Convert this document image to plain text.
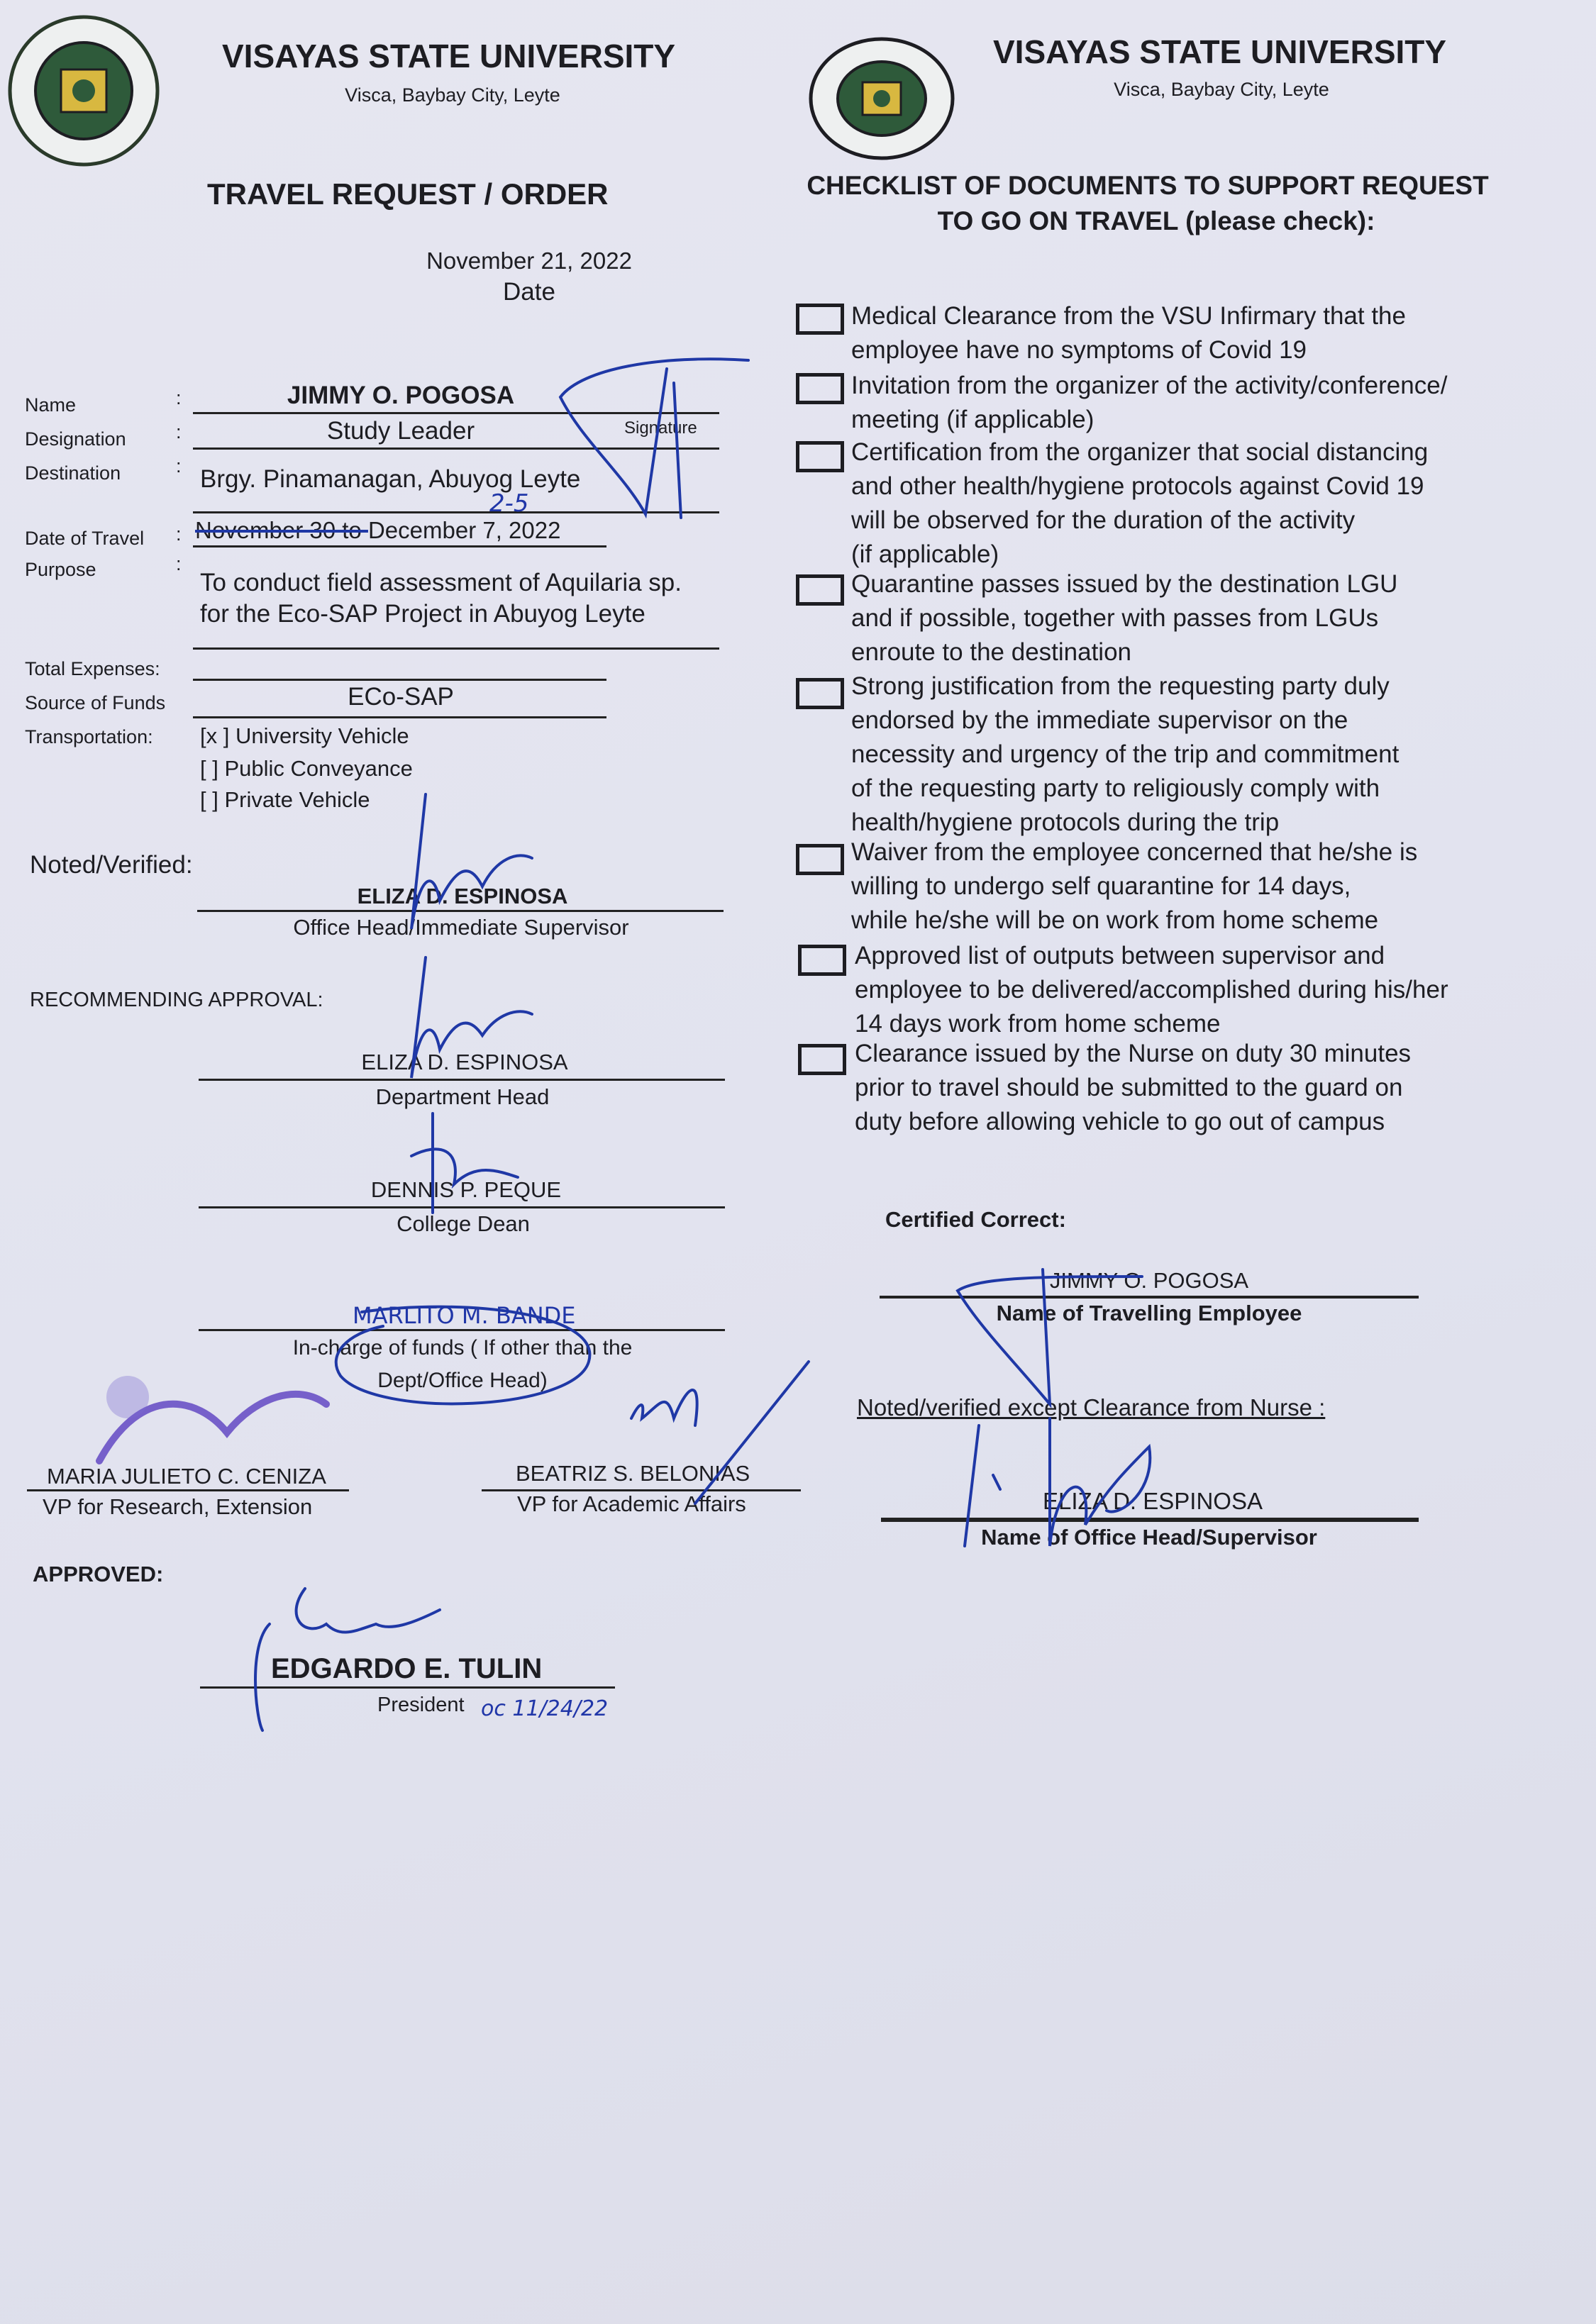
VISAYAS STATE UNIVERSITY
Visca, Baybay City, Leyte
TRAVEL REQUEST / ORDER
November 21, 2022
Date
VISAYAS STATE UNIVERSITY
Visca, Baybay City, Leyte
CHECKLIST OF DOCUMENTS TO SUPPORT REQUEST
TO GO ON TRAVEL (please check):
Name
Designation
Destination
Date of Travel
Purpose
Total Expenses:
Source of Funds
Transportation:
:
:
:
:
:
JIMMY O. POGOSA
Signature
Study Leader
Brgy. Pinamanagan, Abuyog Leyte
November 30 to December 7, 2022
2-5
To conduct field assessment of Aquilaria sp.
for the Eco-SAP Project in Abuyog Leyte
ECo-SAP
[x ] University Vehicle
[ ] Public Conveyance
[ ] Private Vehicle
Noted/Verified:
ELIZA D. ESPINOSA
Office Head/Immediate Supervisor
RECOMMENDING APPROVAL:
ELIZA D. ESPINOSA
Department Head
DENNIS P. PEQUE
College Dean
MARLITO M. BANDE
In-charge of funds ( If other than the
Dept/Office Head)
MARIA JULIETO C. CENIZA
VP for Research, Extension
BEATRIZ S. BELONIAS
VP for Academic Affairs
APPROVED:
EDGARDO E. TULIN
President oc 11/24/22
Medical Clearance from the VSU Infirmary that the
employee have no symptoms of Covid 19
Invitation from the organizer of the activity/conference/
meeting (if applicable)
Certification from the organizer that social distancing
and other health/hygiene protocols against Covid 19
will be observed for the duration of the activity
(if applicable)
Quarantine passes issued by the destination LGU
and if possible, together with passes from LGUs
enroute to the destination
Strong justification from the requesting party duly
endorsed by the immediate supervisor on the
necessity and urgency of the trip and commitment
of the requesting party to religiously comply with
health/hygiene protocols during the trip
Waiver from the employee concerned that he/she is
willing to undergo self quarantine for 14 days,
while he/she will be on work from home scheme
Approved list of outputs between supervisor and
employee to be delivered/accomplished during his/her
14 days work from home scheme
Clearance issued by the Nurse on duty 30 minutes
prior to travel should be submitted to the guard on
duty before allowing vehicle to go out of campus
Certified Correct:
JIMMY O. POGOSA
Name of Travelling Employee
Noted/verified except Clearance from Nurse :
ELIZA D. ESPINOSA
Name of Office Head/Supervisor
